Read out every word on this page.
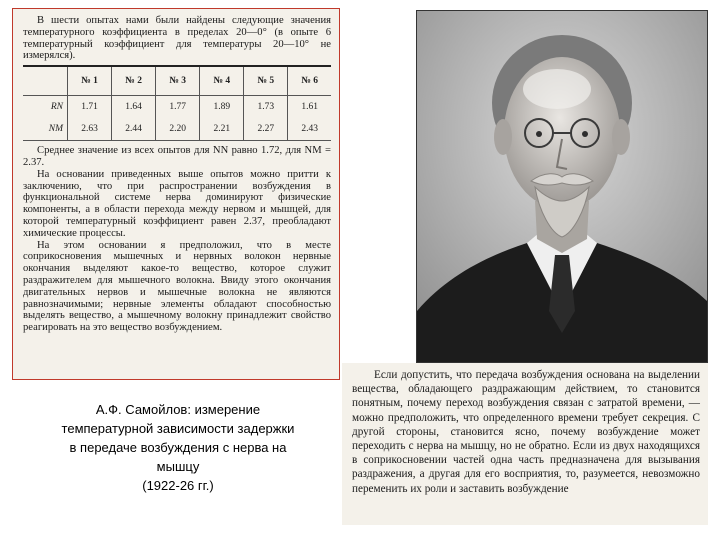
В шести опытах нами были найдены следующие значения температурного коэффициента в пределах 20—0° (в опыте 6 температурный коэффициент для температуры 20—10° не измерялся).

	№ 1	№ 2	№ 3	№ 4	№ 5	№ 6
RN	1.71	1.64	1.77	1.89	1.73	1.61
NM	2.63	2.44	2.20	2.21	2.27	2.43

Среднее значение из всех опытов для NN равно 1.72, для NM = 2.37.

На основании приведенных выше опытов можно притти к заключению, что при распространении возбуждения в функциональной системе нерва доминируют физические компоненты, а в области перехода между нервом и мышцей, для которой температурный коэффициент равен 2.37, преобладают химические процессы.

На этом основании я предположил, что в месте соприкосновения мышечных и нервных волокон нервные окончания выделяют какое-то вещество, которое служит раздражителем для мышечного волокна. Ввиду этого окончания двигательных нервов и мышечные волокна не являются равнозначимыми; нервные элементы обладают способностью выделять вещество, а мышечному волокну принадлежит свойство реагировать на это вещество возбуждением.

А.Ф. Самойлов: измерение
температурной зависимости задержки
в передаче возбуждения с нерва на
мышцу
(1922-26 гг.)

Если допустить, что передача возбуждения основана на выделении вещества, обладающего раздражающим действием, то становится понятным, почему переход возбуждения связан с затратой времени, — можно предположить, что определенного времени требует секреция. С другой стороны, становится ясно, почему возбуждение может переходить с нерва на мышцу, но не обратно. Если из двух находящихся в соприкосновении частей одна часть предназначена для вызывания раздражения, а другая для его восприятия, то, разумеется, невозможно переменить их роли и заставить возбуждение
